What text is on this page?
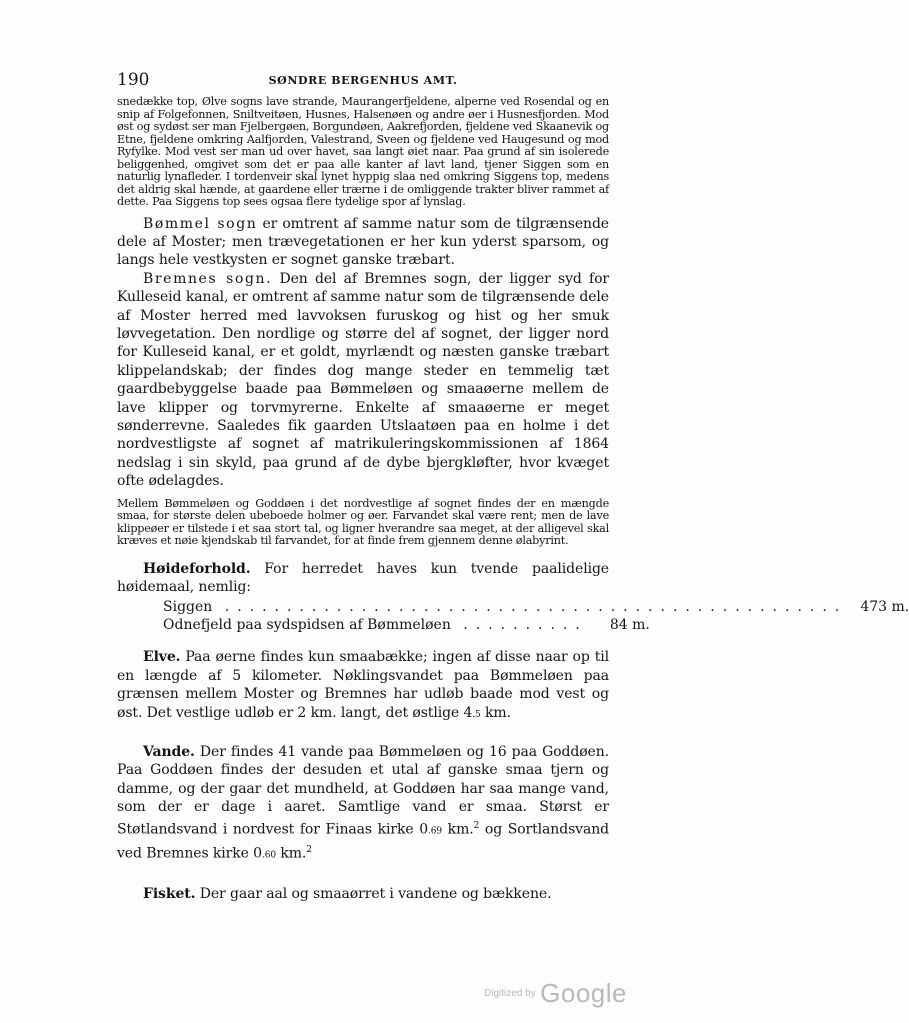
190	SØNDRE BERGENHUS AMT.

snedække top, Ølve sogns lave strande, Maurangerfjeldene, alperne ved Rosendal og en snip af Folgefonnen, Sniltveitøen, Husnes, Halsenøen og andre øer i Husnesfjorden. Mod øst og sydøst ser man Fjelbergøen, Borgundøen, Aakrefjorden, fjeldene ved Skaanevik og Etne, fjeldene omkring Aalfjorden, Valestrand, Sveen og fjeldene ved Haugesund og mod Ryfylke. Mod vest ser man ud over havet, saa langt øiet naar. Paa grund af sin isolerede beliggenhed, omgivet som det er paa alle kanter af lavt land, tjener Siggen som en naturlig lynafleder. I tordenveir skal lynet hyppig slaa ned omkring Siggens top, medens det aldrig skal hænde, at gaardene eller trærne i de omliggende trakter bliver rammet af dette. Paa Siggens top sees ogsaa flere tydelige spor af lynslag.

Bømmel sogn er omtrent af samme natur som de tilgrænsende dele af Moster; men trævegetationen er her kun yderst sparsom, og langs hele vestkysten er sognet ganske træbart.

Bremnes sogn. Den del af Bremnes sogn, der ligger syd for Kulleseid kanal, er omtrent af samme natur som de tilgrænsende dele af Moster herred med lavvoksen furuskog og hist og her smuk løvvegetation. Den nordlige og større del af sognet, der ligger nord for Kulleseid kanal, er et goldt, myrlændt og næsten ganske træbart klippelandskab; der findes dog mange steder en temmelig tæt gaardbebyggelse baade paa Bømmeløen og smaaøerne mellem de lave klipper og torvmyrerne. Enkelte af smaaøerne er meget sønderrevne. Saaledes fik gaarden Utslaatøen paa en holme i det nordvestligste af sognet af matrikuleringskommissionen af 1864 nedslag i sin skyld, paa grund af de dybe bjergkløfter, hvor kvæget ofte ødelagdes.

Mellem Bømmeløen og Goddøen i det nordvestlige af sognet findes der en mængde smaa, for største delen ubeboede holmer og øer. Farvandet skal være rent; men de lave klippeøer er tilstede i et saa stort tal, og ligner hverandre saa meget, at der alligevel skal kræves et nøie kjendskab til farvandet, for at finde frem gjennem denne ølabyrint.

Høideforhold. For herredet haves kun tvende paalidelige høidemaal, nemlig:

Siggen .................................................. 473 m.
Odnefjeld paa sydspidsen af Bømmeløen ..........	84 m.

Elve. Paa øerne findes kun smaabække; ingen af disse naar op til en længde af 5 kilometer. Nøklingsvandet paa Bømmeløen paa grænsen mellem Moster og Bremnes har udløb baade mod vest og øst. Det vestlige udløb er 2 km. langt, det østlige 4.5 km.

Vande. Der findes 41 vande paa Bømmeløen og 16 paa Goddøen. Paa Goddøen findes der desuden et utal af ganske smaa tjern og damme, og der gaar det mundheld, at Goddøen har saa mange vand, som der er dage i aaret. Samtlige vand er smaa. Størst er Støtlandsvand i nordvest for Finaas kirke 0.69 km.$^2$ og Sortlandsvand ved Bremnes kirke 0.60 km.$^2$

Fisket. Der gaar aal og smaaørret i vandene og bækkene.

Digitized by Google
